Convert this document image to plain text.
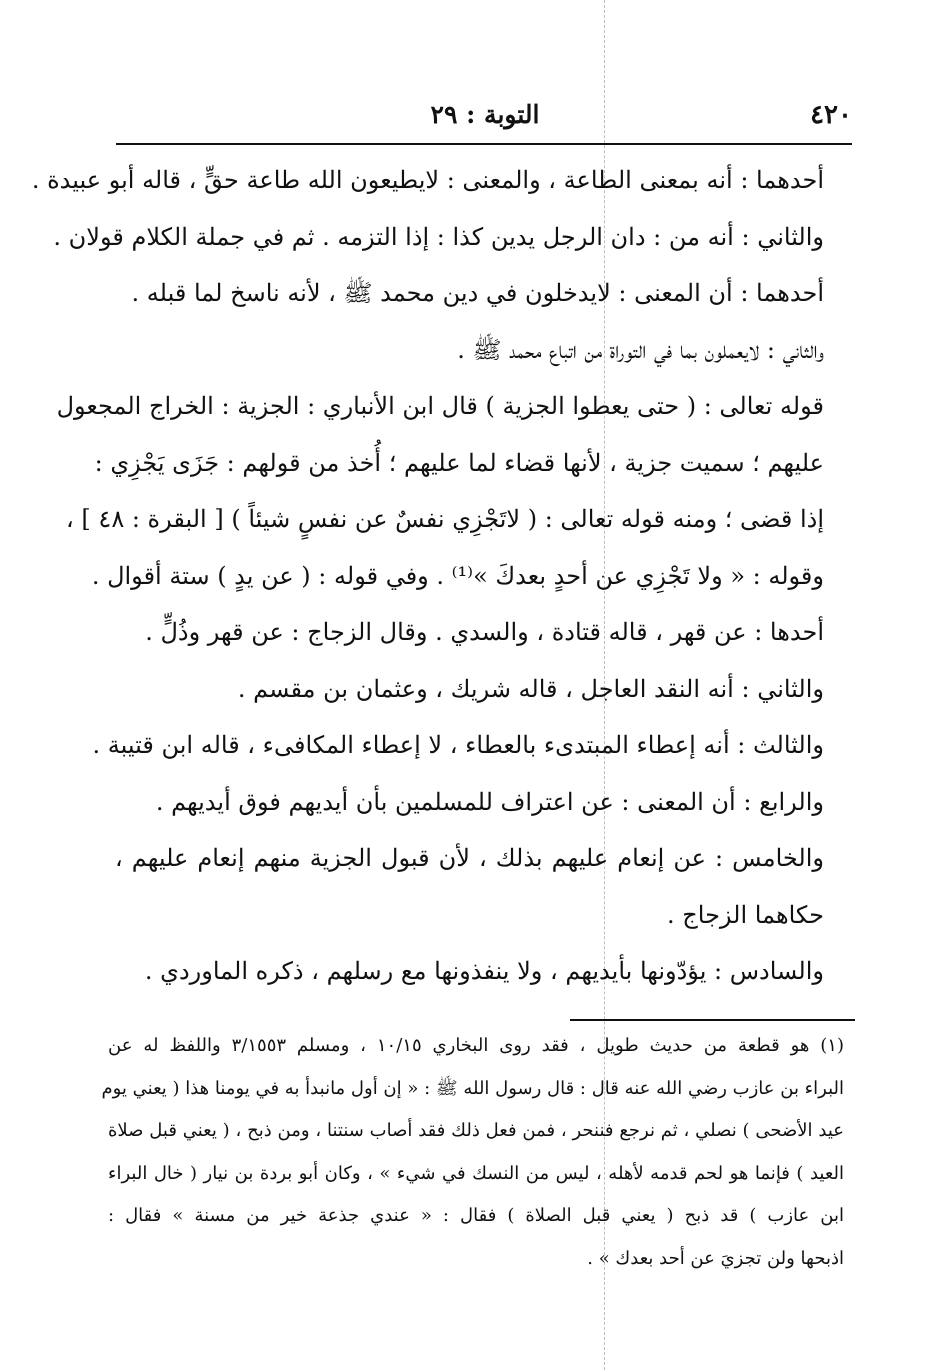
٤٢٠
التوبة : ٢٩
أحدهما : أنه بمعنى الطاعة ، والمعنى : لايطيعون الله طاعة حقٍّ ، قاله أبو عبيدة .
والثاني : أنه من : دان الرجل يدين كذا : إذا التزمه . ثم في جملة الكلام قولان .
أحدهما : أن المعنى : لايدخلون في دين محمد ﷺ ، لأنه ناسخ لما قبله .
والثاني : لايعملون بما في التوراة من اتباع محمد ﷺ .
قوله تعالى : ( حتى يعطوا الجزية ) قال ابن الأنباري : الجزية : الخراج المجعول
عليهم ؛ سميت جزية ، لأنها قضاء لما عليهم ؛ أُخذ من قولهم : جَزَى يَجْزِي :
إذا قضى ؛ ومنه قوله تعالى : ( لاتَجْزِي نفسٌ عن نفسٍ شيئاً ) [ البقرة : ٤٨ ] ،
وقوله : « ولا تَجْزِي عن أحدٍ بعدكَ »⁽¹⁾ . وفي قوله : ( عن يدٍ ) ستة أقوال .
أحدها : عن قهر ، قاله قتادة ، والسدي . وقال الزجاج : عن قهر وذُلٍّ .
والثاني : أنه النقد العاجل ، قاله شريك ، وعثمان بن مقسم .
والثالث : أنه إعطاء المبتدىء بالعطاء ، لا إعطاء المكافىء ، قاله ابن قتيبة .
والرابع : أن المعنى : عن اعتراف للمسلمين بأن أيديهم فوق أيديهم .
والخامس : عن إنعام عليهم بذلك ، لأن قبول الجزية منهم إنعام عليهم ،
حكاهما الزجاج .
والسادس : يؤدّونها بأيديهم ، ولا ينفذونها مع رسلهم ، ذكره الماوردي .
(١) هو قطعة من حديث طويل ، فقد روى البخاري ١٠/١٥ ، ومسلم ٣/١٥٥٣ واللفظ له عن
البراء بن عازب رضي الله عنه قال : قال رسول الله ﷺ : « إن أول مانبدأ به في يومنا هذا ( يعني يوم
عيد الأضحى ) نصلي ، ثم نرجع فننحر ، فمن فعل ذلك فقد أصاب سنتنا ، ومن ذبح ، ( يعني قبل صلاة
العيد ) فإنما هو لحم قدمه لأهله ، ليس من النسك في شيء » ، وكان أبو بردة بن نيار ( خال البراء
ابن عازب ) قد ذبح ( يعني قبل الصلاة ) فقال : « عندي جذعة خير من مسنة » فقال :
اذبحها ولن تجزيَ عن أحد بعدك » .
